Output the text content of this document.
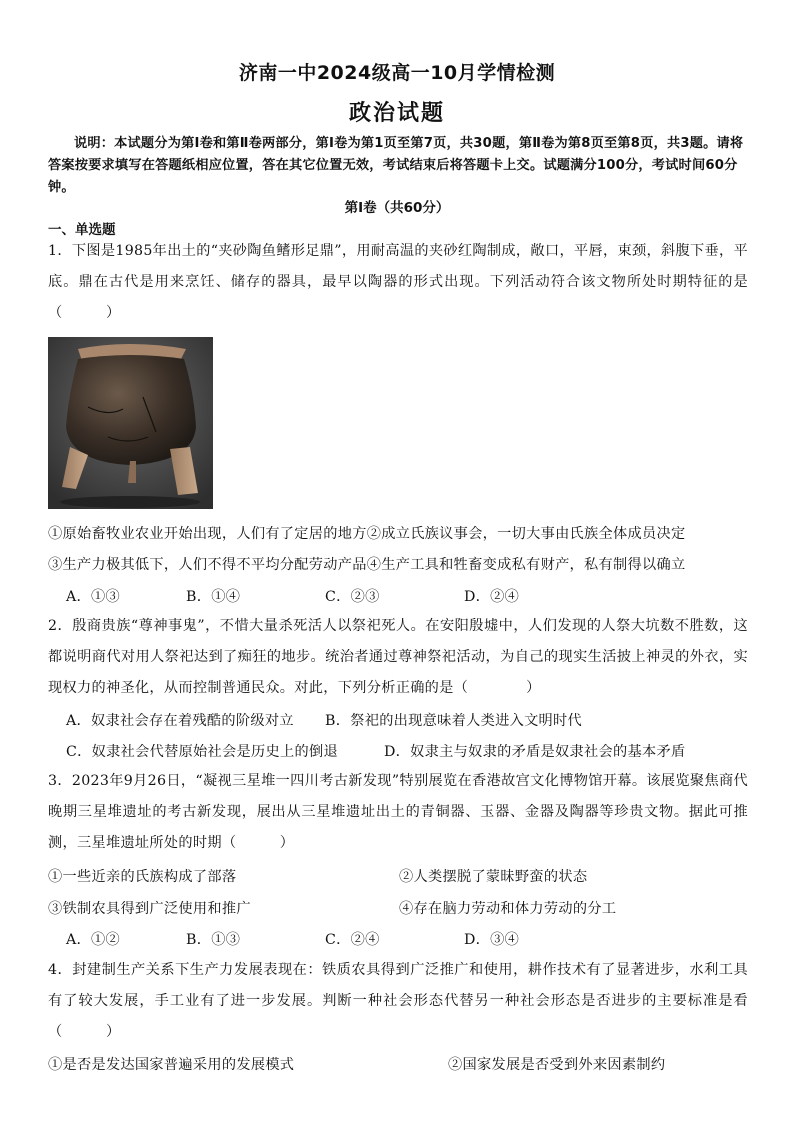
济南一中2024级高一10月学情检测
政治试题
说明：本试题分为第Ⅰ卷和第Ⅱ卷两部分，第Ⅰ卷为第1页至第7页，共30题，第Ⅱ卷为第8页至第8页，共3题。请将答案按要求填写在答题纸相应位置，答在其它位置无效，考试结束后将答题卡上交。试题满分100分，考试时间60分钟。
第Ⅰ卷（共60分）
一、单选题
1．下图是1985年出土的“夹砂陶鱼鳍形足鼎”，用耐高温的夹砂红陶制成，敞口，平唇，束颈，斜腹下垂，平底。鼎在古代是用来烹饪、储存的器具，最早以陶器的形式出现。下列活动符合该文物所处时期特征的是（　　　）
①原始畜牧业农业开始出现，人们有了定居的地方②成立氏族议事会，一切大事由氏族全体成员决定
③生产力极其低下，人们不得不平均分配劳动产品④生产工具和牲畜变成私有财产，私有制得以确立
A．①③	B．①④	C．②③	D．②④
2．殷商贵族“尊神事鬼”，不惜大量杀死活人以祭祀死人。在安阳殷墟中，人们发现的人祭大坑数不胜数，这都说明商代对用人祭祀达到了痴狂的地步。统治者通过尊神祭祀活动，为自己的现实生活披上神灵的外衣，实现权力的神圣化，从而控制普通民众。对此，下列分析正确的是（　　　　）
A．奴隶社会存在着残酷的阶级对立 B．祭祀的出现意味着人类进入文明时代
C．奴隶社会代替原始社会是历史上的倒退	D．奴隶主与奴隶的矛盾是奴隶社会的基本矛盾
3．2023年9月26日，“凝视三星堆一四川考古新发现”特别展览在香港故宫文化博物馆开幕。该展览聚焦商代晚期三星堆遗址的考古新发现，展出从三星堆遗址出土的青铜器、玉器、金器及陶器等珍贵文物。据此可推测，三星堆遗址所处的时期（　　　）
①一些近亲的氏族构成了部落	②人类摆脱了蒙昧野蛮的状态
③铁制农具得到广泛使用和推广	④存在脑力劳动和体力劳动的分工
A．①②	B．①③	C．②④	D．③④
4．封建制生产关系下生产力发展表现在：铁质农具得到广泛推广和使用，耕作技术有了显著进步，水利工具有了较大发展，手工业有了进一步发展。判断一种社会形态代替另一种社会形态是否进步的主要标准是看（　　　）
①是否是发达国家普遍采用的发展模式	②国家发展是否受到外来因素制约
